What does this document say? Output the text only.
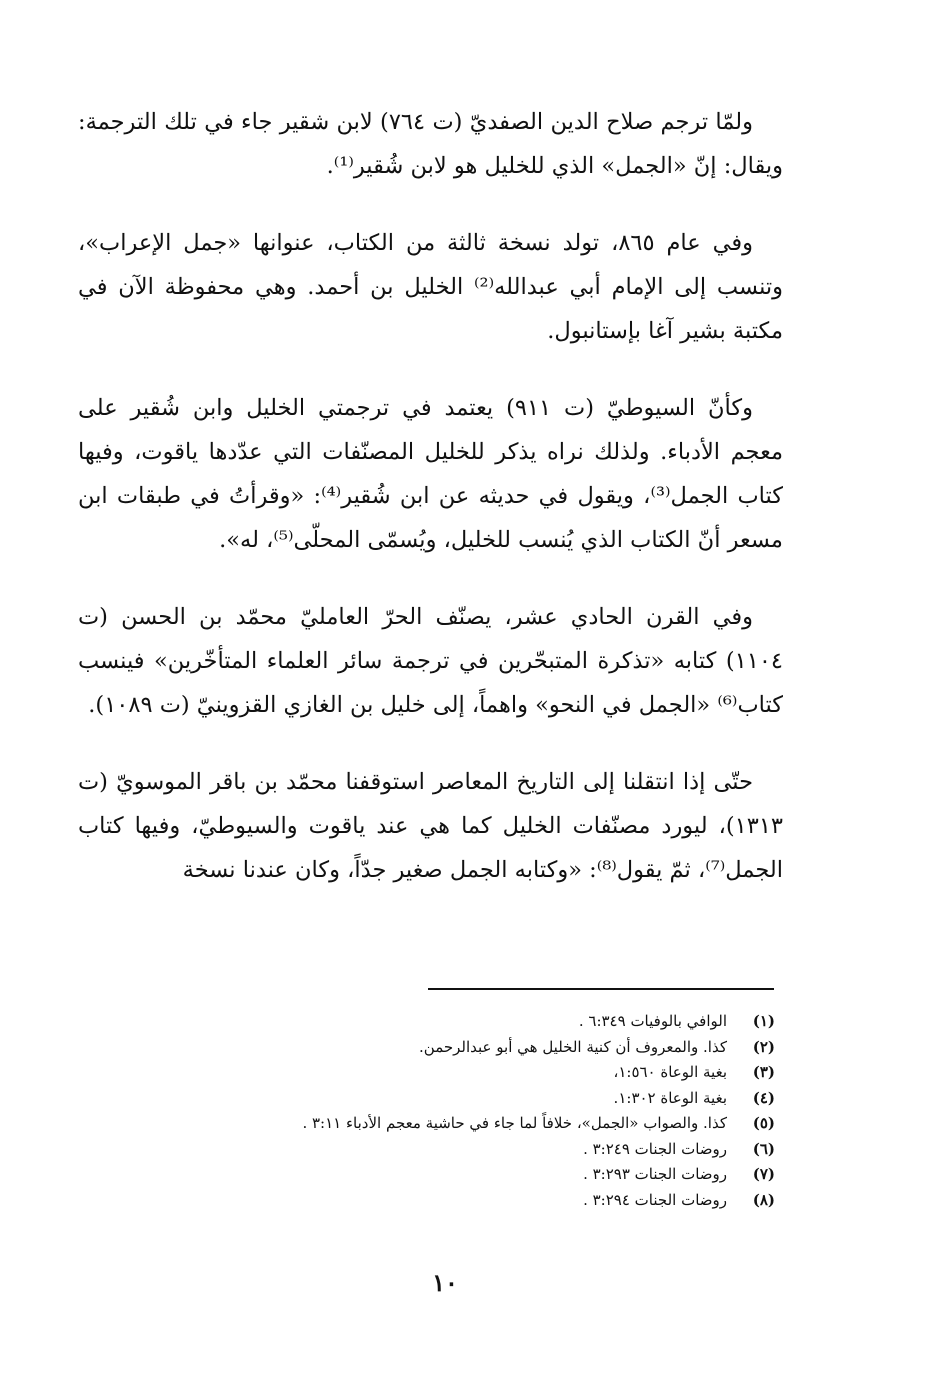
ولمّا ترجم صلاح الدين الصفديّ (ت ٧٦٤) لابن شقير جاء في تلك الترجمة: ويقال: إنّ «الجمل» الذي للخليل هو لابن شُقير⁽¹⁾.

وفي عام ٨٦٥، تولد نسخة ثالثة من الكتاب، عنوانها «جمل الإعراب»، وتنسب إلى الإمام أبي عبدالله⁽²⁾ الخليل بن أحمد. وهي محفوظة الآن في مكتبة بشير آغا بإستانبول.

وكأنّ السيوطيّ (ت ٩١١) يعتمد في ترجمتي الخليل وابن شُقير على معجم الأدباء. ولذلك نراه يذكر للخليل المصنّفات التي عدّدها ياقوت، وفيها كتاب الجمل⁽³⁾، ويقول في حديثه عن ابن شُقير⁽⁴⁾: «وقرأتُ في طبقات ابن مسعر أنّ الكتاب الذي يُنسب للخليل، ويُسمّى المحلّى⁽⁵⁾، له».

وفي القرن الحادي عشر، يصنّف الحرّ العامليّ محمّد بن الحسن (ت ١١٠٤) كتابه «تذكرة المتبحّرين في ترجمة سائر العلماء المتأخّرين» فينسب كتاب⁽⁶⁾ «الجمل في النحو» واهماً، إلى خليل بن الغازي القزوينيّ (ت ١٠٨٩).

حتّى إذا انتقلنا إلى التاريخ المعاصر استوقفنا محمّد بن باقر الموسويّ (ت ١٣١٣)، ليورد مصنّفات الخليل كما هي عند ياقوت والسيوطيّ، وفيها كتاب الجمل⁽⁷⁾، ثمّ يقول⁽⁸⁾: «وكتابه الجمل صغير جدّاً، وكان عندنا نسخة

(١)
الوافي بالوفيات ٦:٣٤٩ .
(٢)
كذا. والمعروف أن كنية الخليل هي أبو عبدالرحمن.
(٣)
بغية الوعاة ١:٥٦٠،
(٤)
بغية الوعاة ١:٣٠٢.
(٥)
كذا. والصواب «الجمل»، خلافاً لما جاء في حاشية معجم الأدباء ٣:١١ .
(٦)
روضات الجنات ٣:٢٤٩ .
(٧)
روضات الجنات ٣:٢٩٣ .
(٨)
روضات الجنات ٣:٢٩٤ .
١٠
